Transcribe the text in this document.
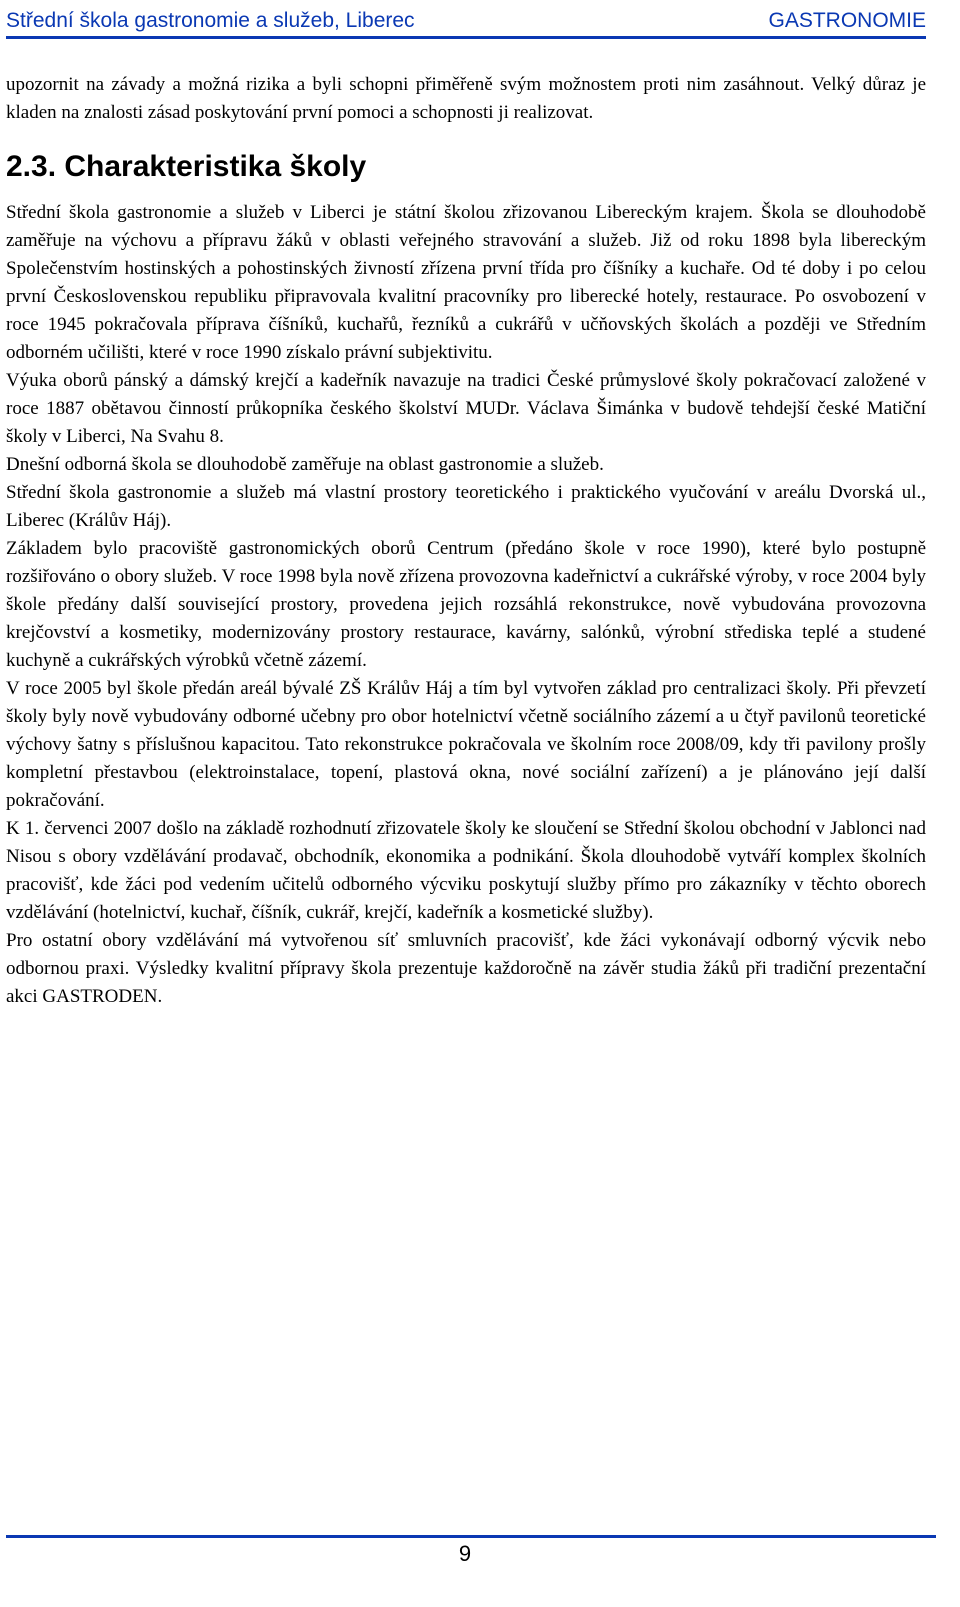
Střední škola gastronomie a služeb, Liberec	GASTRONOMIE

upozornit na závady a možná rizika a byli schopni přiměřeně svým možnostem proti nim zasáhnout. Velký důraz je kladen na znalosti zásad poskytování první pomoci a schopnosti ji realizovat.

2.3. Charakteristika školy

Střední škola gastronomie a služeb v Liberci je státní školou zřizovanou Libereckým krajem. Škola se dlouhodobě zaměřuje na výchovu a přípravu žáků v oblasti veřejného stravování a služeb. Již od roku 1898 byla libereckým Společenstvím hostinských a pohostinských živností zřízena první třída pro číšníky a kuchaře. Od té doby i po celou první Československou republiku připravovala kvalitní pracovníky pro liberecké hotely, restaurace. Po osvobození v roce 1945 pokračovala příprava číšníků, kuchařů, řezníků a cukrářů v učňovských školách a později ve Středním odborném učilišti, které v roce 1990 získalo právní subjektivitu.

Výuka oborů pánský a dámský krejčí a kadeřník navazuje na tradici České průmyslové školy pokračovací založené v roce 1887 obětavou činností průkopníka českého školství MUDr. Václava Šimánka v budově tehdejší české Matiční školy v Liberci, Na Svahu 8.

Dnešní odborná škola se dlouhodobě zaměřuje na oblast gastronomie a služeb.

Střední škola gastronomie a služeb má vlastní prostory teoretického i praktického vyučování v areálu Dvorská ul., Liberec (Králův Háj).

Základem bylo pracoviště gastronomických oborů Centrum (předáno škole v roce 1990), které bylo postupně rozšiřováno o obory služeb. V roce 1998 byla nově zřízena provozovna kadeřnictví a cukrářské výroby, v roce 2004 byly škole předány další související prostory, provedena jejich rozsáhlá rekonstrukce, nově vybudována provozovna krejčovství a kosmetiky, modernizovány prostory restaurace, kavárny, salónků, výrobní střediska teplé a studené kuchyně a cukrářských výrobků včetně zázemí.

V roce 2005 byl škole předán areál bývalé ZŠ Králův Háj a tím byl vytvořen základ pro centralizaci školy. Při převzetí školy byly nově vybudovány odborné učebny pro obor hotelnictví včetně sociálního zázemí a u čtyř pavilonů teoretické výchovy šatny s příslušnou kapacitou. Tato rekonstrukce pokračovala ve školním roce 2008/09, kdy tři pavilony prošly kompletní přestavbou (elektroinstalace, topení, plastová okna, nové sociální zařízení) a je plánováno její další pokračování.

K 1. červenci 2007 došlo na základě rozhodnutí zřizovatele školy ke sloučení se Střední školou obchodní v Jablonci nad Nisou s obory vzdělávání prodavač, obchodník, ekonomika a podnikání. Škola dlouhodobě vytváří komplex školních pracovišť, kde žáci pod vedením učitelů odborného výcviku poskytují služby přímo pro zákazníky v těchto oborech vzdělávání (hotelnictví, kuchař, číšník, cukrář, krejčí, kadeřník a kosmetické služby).

Pro ostatní obory vzdělávání má vytvořenou síť smluvních pracovišť, kde žáci vykonávají odborný výcvik nebo odbornou praxi. Výsledky kvalitní přípravy škola prezentuje každoročně na závěr studia žáků při tradiční prezentační akci GASTRODEN.

9
